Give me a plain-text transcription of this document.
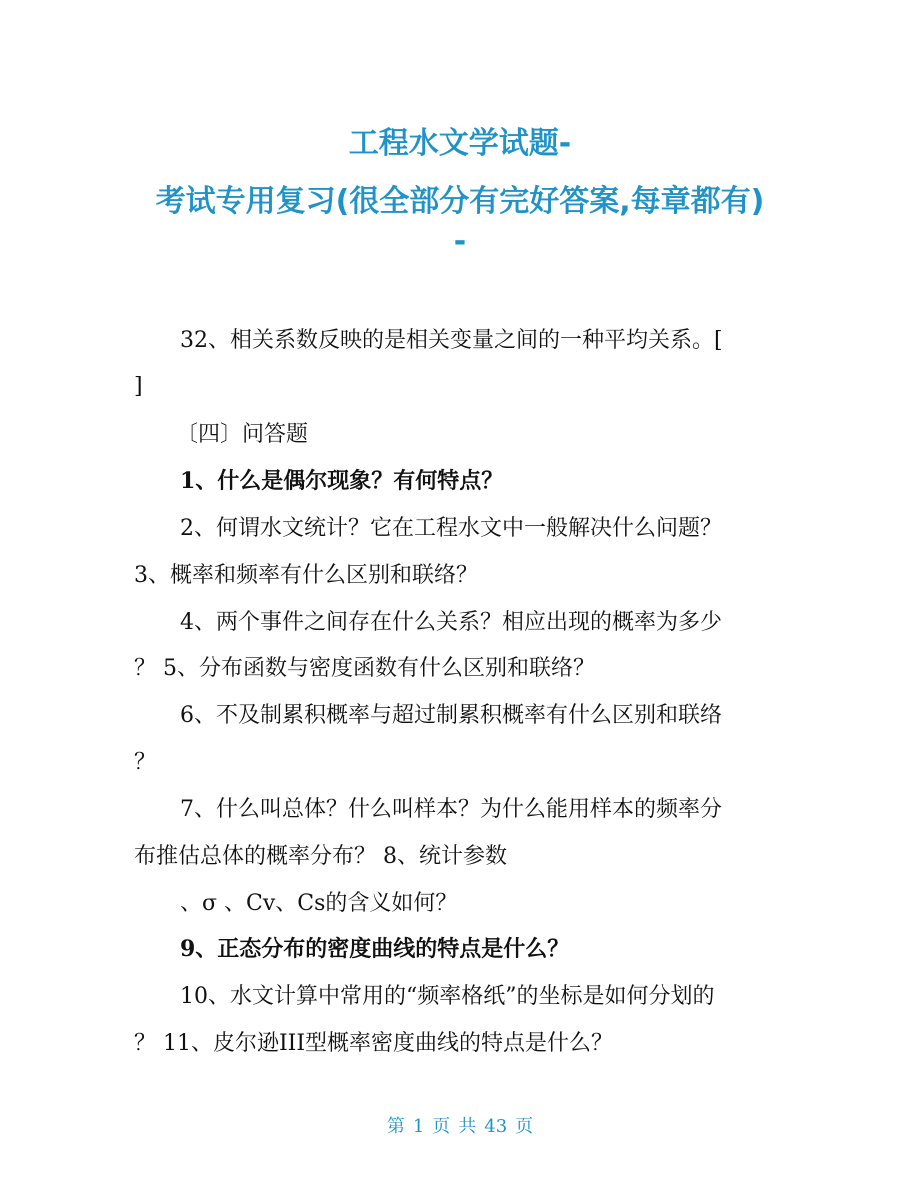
工程水文学试题-
考试专用复习(很全部分有完好答案,每章都有)
-
32、相关系数反映的是相关变量之间的一种平均关系。[
]
〔四〕问答题
1、什么是偶尔现象？有何特点？
2、何谓水文统计？它在工程水文中一般解决什么问题？
3、概率和频率有什么区别和联络？
4、两个事件之间存在什么关系？相应出现的概率为多少
？ 5、分布函数与密度函数有什么区别和联络？
6、不及制累积概率与超过制累积概率有什么区别和联络
？
7、什么叫总体？什么叫样本？为什么能用样本的频率分
布推估总体的概率分布？ 8、统计参数
、σ 、Cv、Cs的含义如何？
9、正态分布的密度曲线的特点是什么？
10、水文计算中常用的“频率格纸”的坐标是如何分划的
？ 11、皮尔逊III型概率密度曲线的特点是什么？
第 1 页 共 43 页
